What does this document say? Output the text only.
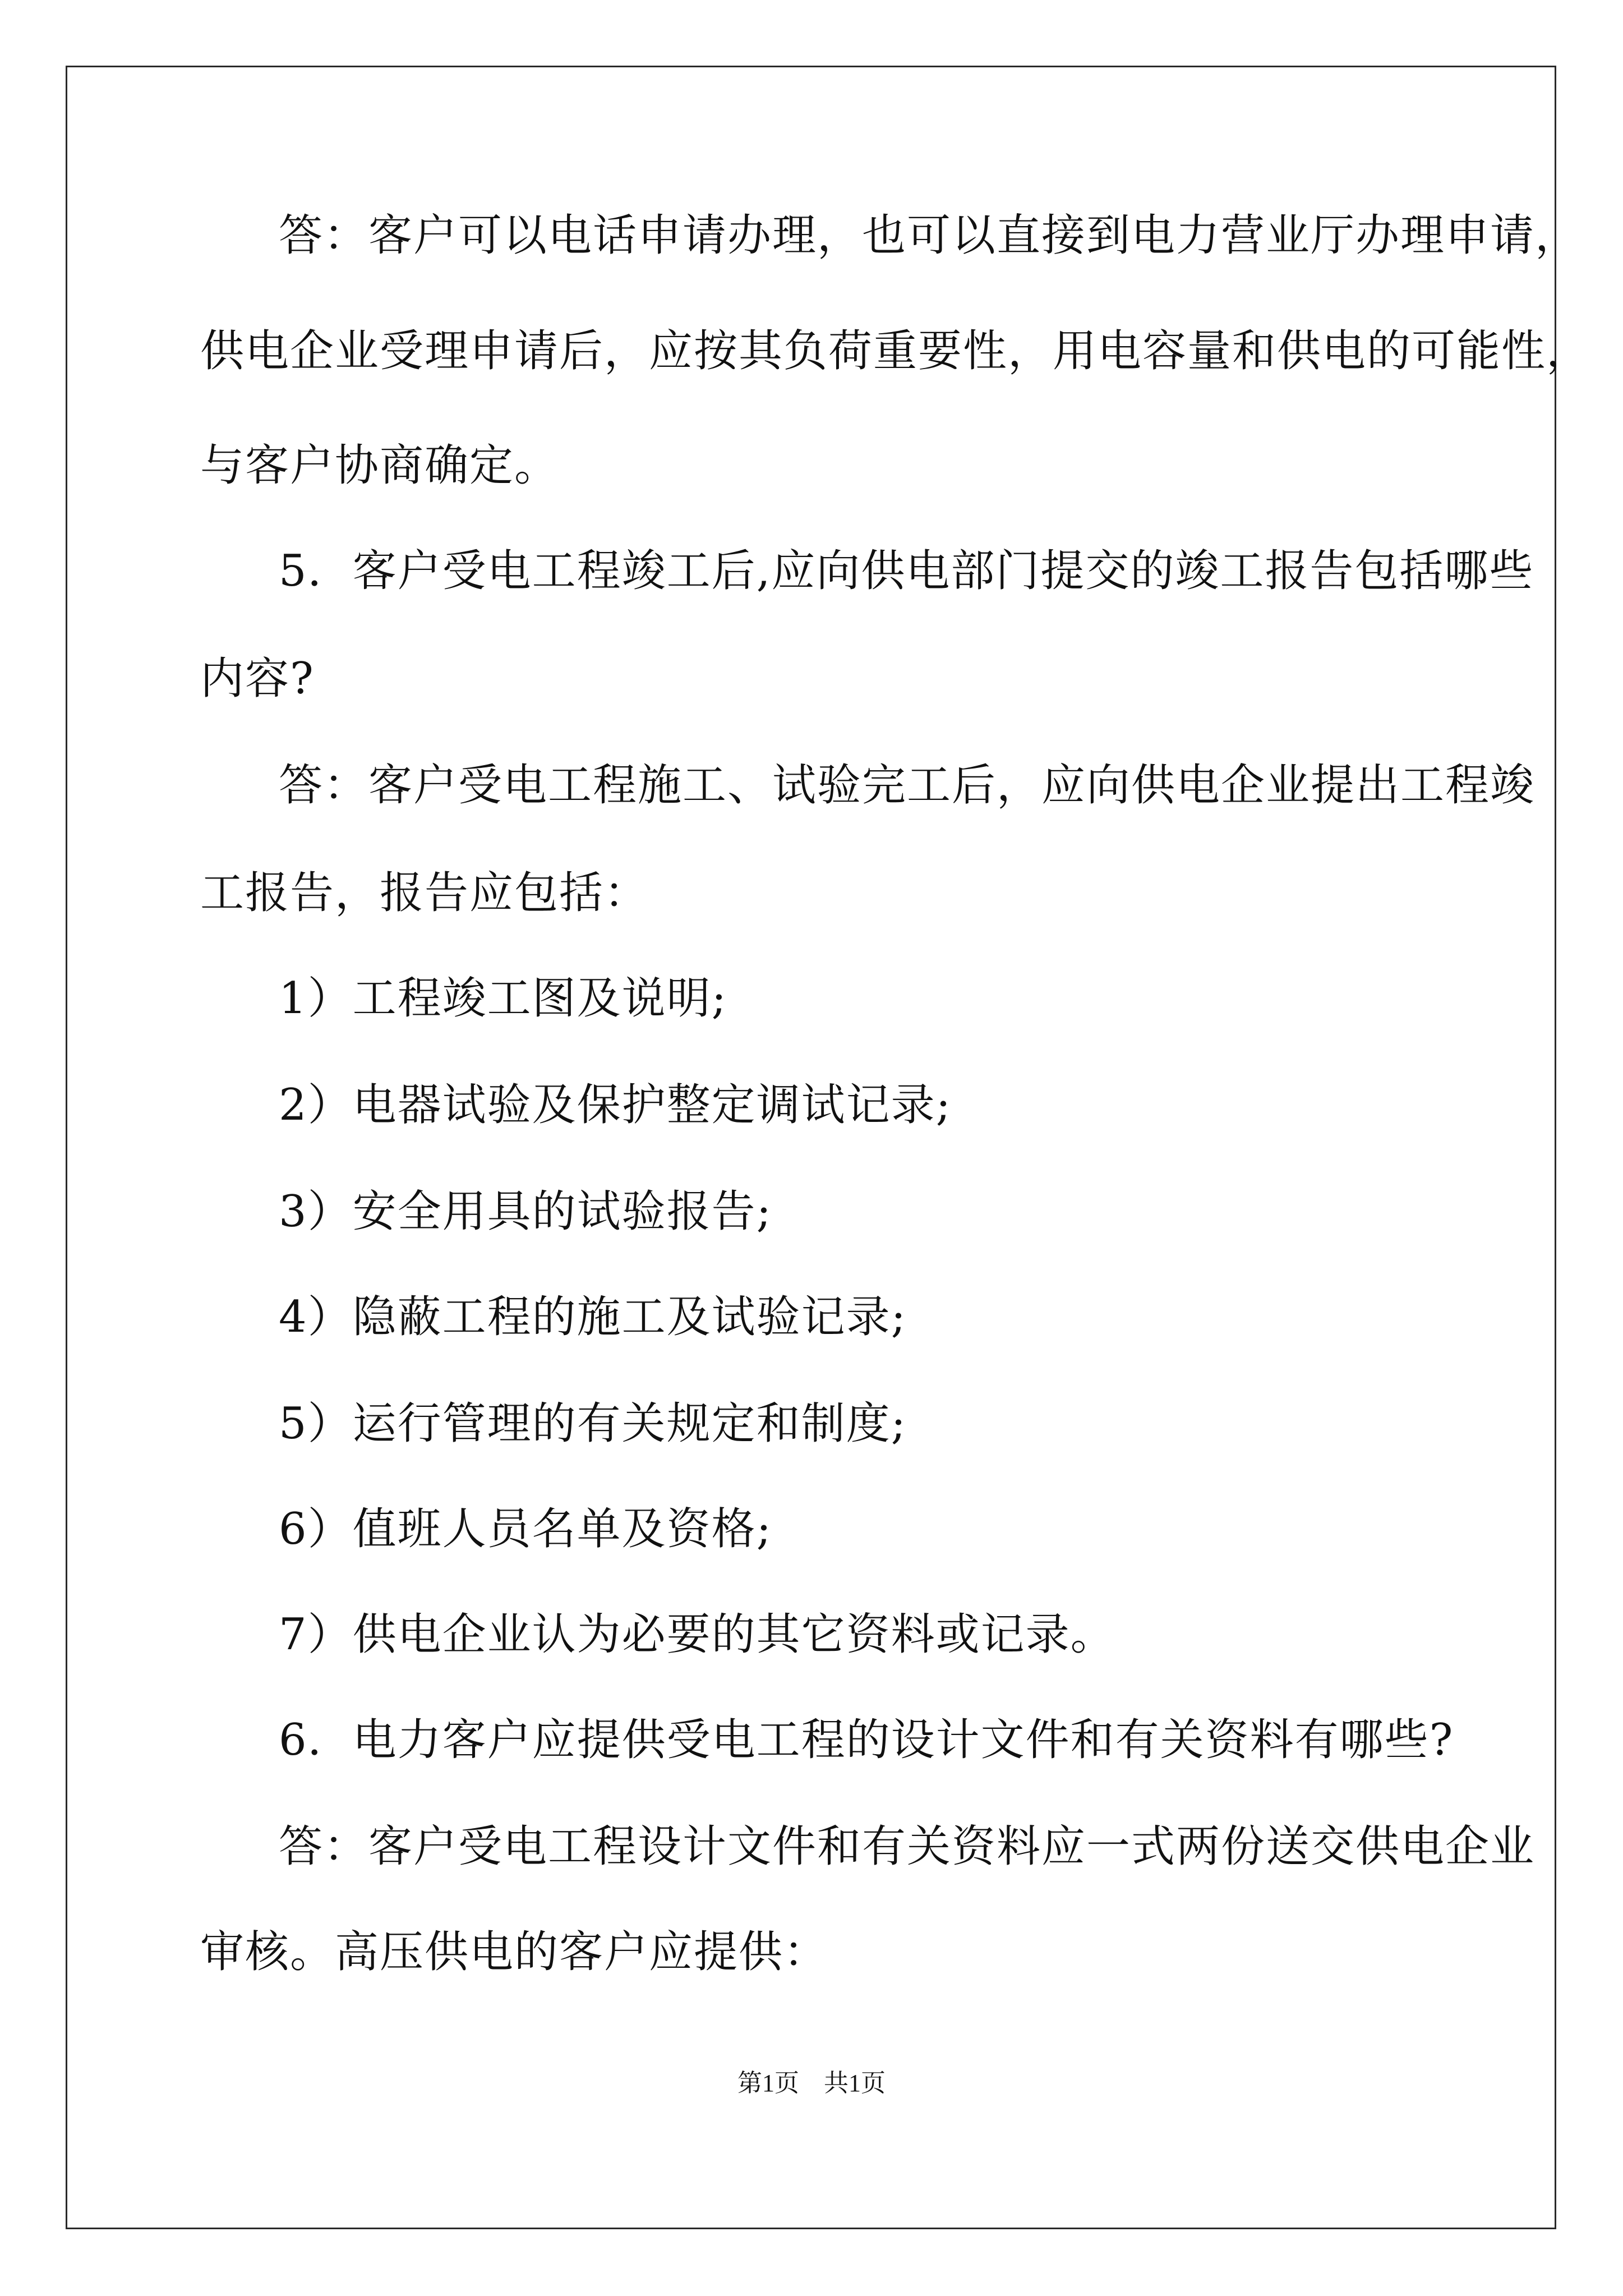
答：客户可以电话申请办理，也可以直接到电力营业厅办理申请，
供电企业受理申请后，应按其负荷重要性，用电容量和供电的可能性，
与客户协商确定。
5．客户受电工程竣工后,应向供电部门提交的竣工报告包括哪些
内容?
答：客户受电工程施工、试验完工后，应向供电企业提出工程竣
工报告，报告应包括：
1）工程竣工图及说明;
2）电器试验及保护整定调试记录;
3）安全用具的试验报告;
4）隐蔽工程的施工及试验记录;
5）运行管理的有关规定和制度;
6）值班人员名单及资格;
7）供电企业认为必要的其它资料或记录。
6．电力客户应提供受电工程的设计文件和有关资料有哪些?
答：客户受电工程设计文件和有关资料应一式两份送交供电企业
审核。高压供电的客户应提供：
第1页　共1页
